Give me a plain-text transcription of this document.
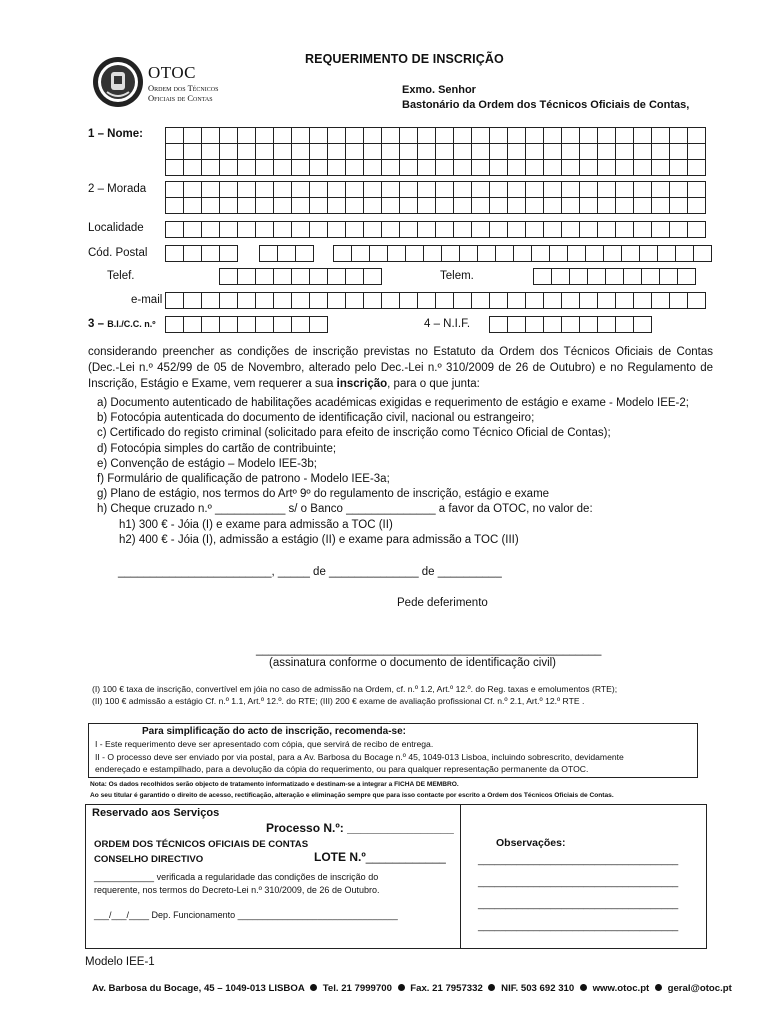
OTOC
Ordem dos Técnicos
Oficiais de Contas
REQUERIMENTO DE INSCRIÇÃO
Exmo. Senhor
Bastonário da Ordem dos Técnicos Oficiais de Contas,
1 – Nome:
2 – Morada
Localidade
Cód. Postal
Telef.	Telem.
e-mail
3 – B.I./C.C. n.º	4 – N.I.F.
considerando preencher as condições de inscrição previstas no Estatuto da Ordem dos Técnicos Oficiais de Contas (Dec.-Lei n.º 452/99 de 05 de Novembro, alterado pelo Dec.-Lei n.º 310/2009 de 26 de Outubro) e no Regulamento de Inscrição, Estágio e Exame, vem requerer a sua inscrição, para o que junta:
a) Documento autenticado de habilitações académicas exigidas e requerimento de estágio e exame - Modelo IEE-2;
b) Fotocópia autenticada do documento de identificação civil, nacional ou estrangeiro;
c) Certificado do registo criminal (solicitado para efeito de inscrição como Técnico Oficial de Contas);
d) Fotocópia simples do cartão de contribuinte;
e) Convenção de estágio – Modelo IEE-3b;
f) Formulário de qualificação de patrono - Modelo IEE-3a;
g) Plano de estágio, nos termos do Artº 9º do regulamento de inscrição, estágio e exame
h) Cheque cruzado n.º ___________ s/ o Banco ______________ a favor da OTOC, no valor de:
h1) 300 € - Jóia (I) e exame para admissão a TOC (II)
h2) 400 € - Jóia (I), admissão a estágio (II) e exame para admissão a TOC (III)
________________________, _____ de ______________ de __________
Pede deferimento
______________________________________________________
(assinatura conforme o documento de identificação civil)
(I) 100 € taxa de inscrição, convertível em jóia no caso de admissão na Ordem, cf. n.º 1.2, Art.º 12.º. do Reg. taxas e emolumentos (RTE);
(II) 100 € admissão a estágio Cf. n.º 1.1, Art.º 12.º. do RTE; (III) 200 € exame de avaliação profissional Cf. n.º 2.1, Art.º 12.º RTE .
Para simplificação do acto de inscrição, recomenda-se:
I - Este requerimento deve ser apresentado com cópia, que servirá de recibo de entrega.
II - O processo deve ser enviado por via postal, para a Av. Barbosa du Bocage n.º 45, 1049-013 Lisboa, incluindo sobrescrito, devidamente
endereçado e estampilhado, para a devolução da cópia do requerimento, ou para qualquer representação permanente da OTOC.
Nota: Os dados recolhidos serão objecto de tratamento informatizado e destinam-se a integrar a FICHA DE MEMBRO.
Ao seu titular é garantido o direito de acesso, rectificação, alteração e eliminação sempre que para isso contacte por escrito a Ordem dos Técnicos Oficiais de Contas.
Reservado aos Serviços
Processo N.º: ________________
ORDEM DOS TÉCNICOS OFICIAIS DE CONTAS
CONSELHO DIRECTIVO	LOTE N.º____________
____________ verificada a regularidade das condições de inscrição do
requerente, nos termos do Decreto-Lei n.º 310/2009, de 26 de Outubro.
___/___/____ Dep. Funcionamento ________________________________
Observações:
____________________________________
____________________________________
____________________________________
____________________________________
Modelo IEE-1
Av. Barbosa du Bocage, 45 – 1049-013 LISBOA Tel. 21 7999700 Fax. 21 7957332 NIF. 503 692 310 www.otoc.pt geral@otoc.pt
